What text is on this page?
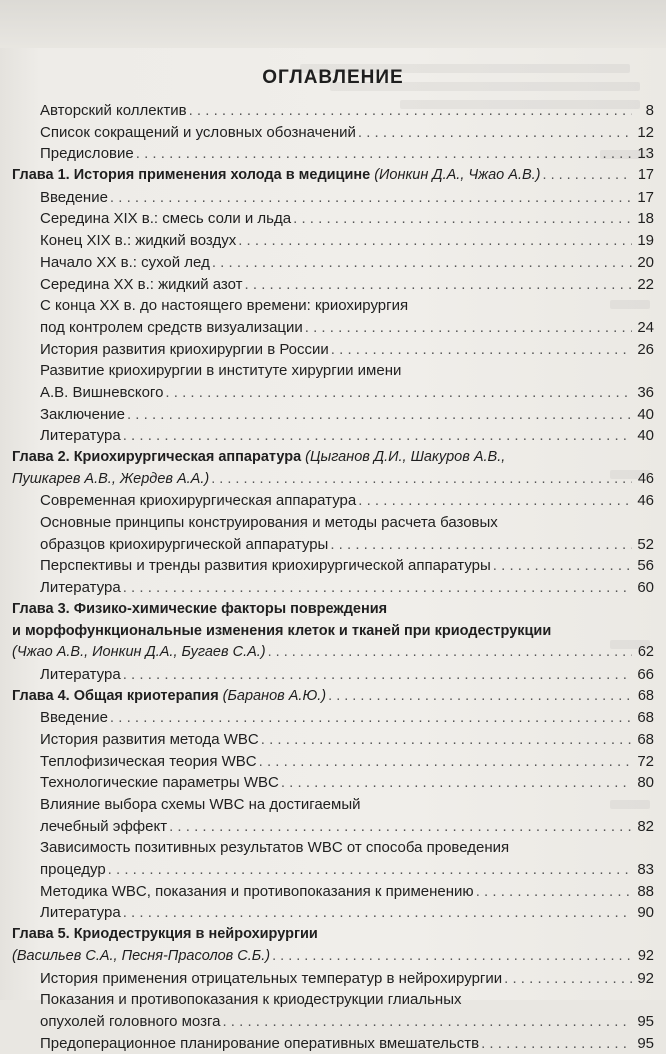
ОГЛАВЛЕНИЕ
Авторский коллектив . . .	8
Список сокращений и условных обозначений . . .	12
Предисловие . . .	13
Глава 1. История применения холода в медицине (Ионкин Д.А., Чжао А.В.) . . .	17
Введение . . .	17
Середина XIX в.: смесь соли и льда . . .	18
Конец XIX в.: жидкий воздух . . .	19
Начало XX в.: сухой лед . . .	20
Середина XX в.: жидкий азот . . .	22
С конца XX в. до настоящего времени: криохирургия
под контролем средств визуализации . . .	24
История развития криохирургии в России . . .	26
Развитие криохирургии в институте хирургии имени
А.В. Вишневского . . .	36
Заключение . . .	40
Литература . . .	40
Глава 2. Криохирургическая аппаратура (Цыганов Д.И., Шакуров А.В.,
Пушкарев А.В., Жердев А.А.) . . .	46
Современная криохирургическая аппаратура . . .	46
Основные принципы конструирования и методы расчета базовых
образцов криохирургической аппаратуры . . .	52
Перспективы и тренды развития криохирургической аппаратуры . . .	56
Литература . . .	60
Глава 3. Физико-химические факторы повреждения
и морфофункциональные изменения клеток и тканей при криодеструкции
(Чжао А.В., Ионкин Д.А., Бугаев С.А.) . . .	62
Литература . . .	66
Глава 4. Общая криотерапия (Баранов А.Ю.) . . .	68
Введение . . .	68
История развития метода WBC . . .	68
Теплофизическая теория WBC . . .	72
Технологические параметры WBC . . .	80
Влияние выбора схемы WBC на достигаемый
лечебный эффект . . .	82
Зависимость позитивных результатов WBC от способа проведения
процедур . . .	83
Методика WBC, показания и противопоказания к применению . . .	88
Литература . . .	90
Глава 5. Криодеструкция в нейрохирургии
(Васильев С.А., Песня-Прасолов С.Б.) . . .	92
История применения отрицательных температур в нейрохирургии . . .	92
Показания и противопоказания к криодеструкции глиальных
опухолей головного мозга . . .	95
Предоперационное планирование оперативных вмешательств . . .	95
